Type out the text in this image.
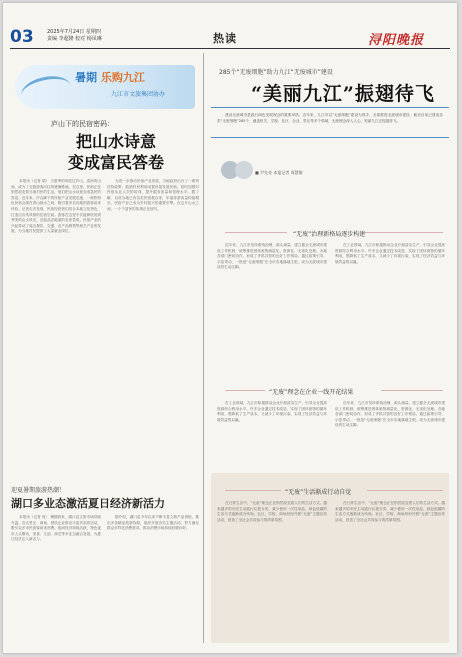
03	2025年7月24日 星期四
责编 李超隆 校对 杨凤琳	热读	浔阳晚报
暑期 乐购九江
九江市文旅集团协办
庐山下的民宿密码：
把山水诗意
变成富民答卷
本报讯（记者 胡） 当夏季的风吹过庐山，清凉的山间，成为了无数游客向往的避暑胜地。在这里，民宿正在悄然改变着当地村民的生活，他们把山水诗意变成富民的答卷。近年来，庐山脚下的民宿产业发展迅速，一栋栋特色民宿点缀在青山绿水之间，吸引着来自各地的游客前来体验。记者走访发现，民宿经营者们结合本地文化特色，打造出各具风格的住宿空间。游客在这里不仅能够欣赏到秀美的山水风光，还能品尝地道的农家菜肴。民宿产业的兴起带动了周边餐饮、交通、农产品销售等相关产业的发展，为当地村民提供了大量就业岗位。
为进一步推动民宿产业发展，当地政府出台了一系列扶持政策，鼓励村民利用闲置房屋发展民宿。同时加强对民宿从业人员的培训，提升服务质量和管理水平。据了解，目前当地已有各类民宿数百家，年接待游客量持续增长，民宿产业已成为乡村振兴的重要引擎。在这片山水之间，一个个富民的故事正在续写。
迎夏暑期旅游热潮！
湖口多业态激活夏日经济新活力
本报讯（记者 何） 暑期到来，湖口县文旅市场持续升温。各大景区、商场、餐饮企业推出丰富多彩的活动，吸引众多市民游客前来消费。夜间经济持续活跃，特色夜市人头攒动，美食、文创、演艺等多业态融合发展，为夏日经济注入新活力。
据介绍，湖口县今年以来不断丰富文旅产品供给，推出多条精品旅游线路，组织开展各类主题活动，努力满足群众多样化消费需求，推动消费市场持续回暖向好。
285个“无废细胞”助力九江“无废城市”建设
“美丽九江”振翅待飞
建设无废城市是践行绿色发展理念的重要举措。近年来，九江市以“无废细胞”建设为抓手，全面推进无废城市建设，截至目前已建成各类“无废细胞”285个，涵盖机关、学校、社区、企业、景区等多个领域，无废理念深入人心，美丽九江正振翅待飞。
■ 尹先亮 本报记者 周慧敏
“无废”治理新格局逐步构建
近年来，九江市坚持系统治理、源头减量，建立健全无废城市建设工作机制，统筹推进固体废物减量化、资源化、无害化处理。各地各部门密切协作，形成了齐抓共管的良好工作格局。通过政策引导、示范带动，一批批“无废细胞”在全市各地落地生根，成为无废城市建设的生动注脚。
在工业领域，九江市积极推动企业开展清洁生产，引导企业提高资源综合利用水平。许多企业通过技术改造，实现了固体废物的循环利用，既降低了生产成本，又减少了环境污染，实现了经济效益与环境效益的双赢。
“无废”理念在企业一线开花结果
在工业领域，九江市积极推动企业开展清洁生产，引导企业提高资源综合利用水平。许多企业通过技术改造，实现了固体废物的循环利用，既降低了生产成本，又减少了环境污染，实现了经济效益与环境效益的双赢。
近年来，九江市坚持系统治理、源头减量，建立健全无废城市建设工作机制，统筹推进固体废物减量化、资源化、无害化处理。各地各部门密切协作，形成了齐抓共管的良好工作格局。通过政策引导、示范带动，一批批“无废细胞”在全市各地落地生根，成为无废城市建设的生动注脚。
“无废”生活渐成行动自觉
在日常生活中，“无废”理念正在悄然改变着人们的生活方式。越来越多的市民主动践行垃圾分类、减少使用一次性用品，绿色低碳的生活方式逐渐成为风尚。社区、学校、商场纷纷开展“无废”主题宣传活动，营造了全社会共同参与的浓厚氛围。
在日常生活中，“无废”理念正在悄然改变着人们的生活方式。越来越多的市民主动践行垃圾分类、减少使用一次性用品，绿色低碳的生活方式逐渐成为风尚。社区、学校、商场纷纷开展“无废”主题宣传活动，营造了全社会共同参与的浓厚氛围。
